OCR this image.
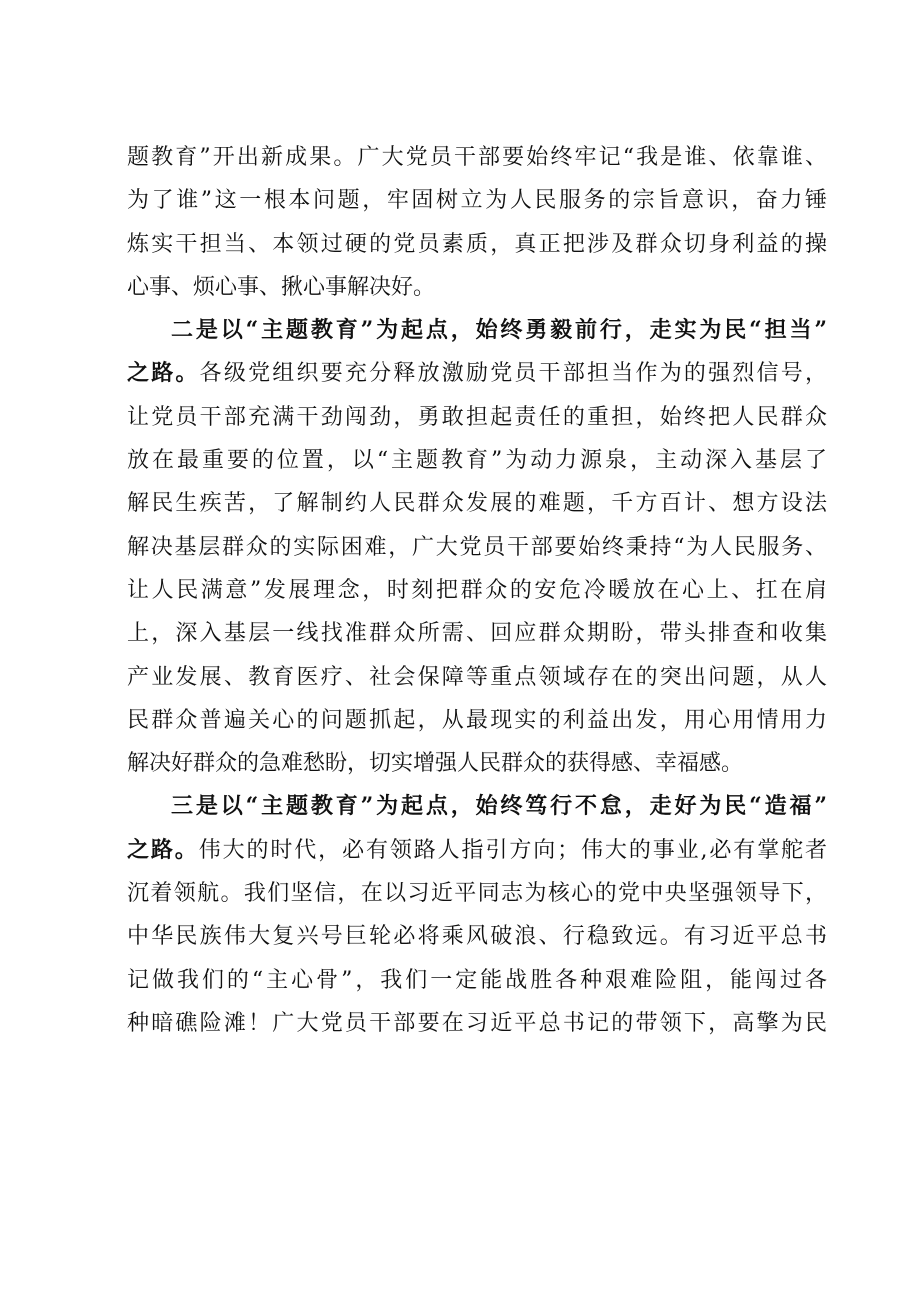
题教育”开出新成果。广大党员干部要始终牢记“我是谁、依靠谁、
为了谁”这一根本问题，牢固树立为人民服务的宗旨意识，奋力锤
炼实干担当、本领过硬的党员素质，真正把涉及群众切身利益的操
心事、烦心事、揪心事解决好。
二是以“主题教育”为起点，始终勇毅前行，走实为民“担当”
之路。各级党组织要充分释放激励党员干部担当作为的强烈信号，
让党员干部充满干劲闯劲，勇敢担起责任的重担，始终把人民群众
放在最重要的位置，以“主题教育”为动力源泉，主动深入基层了
解民生疾苦，了解制约人民群众发展的难题，千方百计、想方设法
解决基层群众的实际困难，广大党员干部要始终秉持“为人民服务、
让人民满意”发展理念，时刻把群众的安危冷暖放在心上、扛在肩
上，深入基层一线找准群众所需、回应群众期盼，带头排查和收集
产业发展、教育医疗、社会保障等重点领域存在的突出问题，从人
民群众普遍关心的问题抓起，从最现实的利益出发，用心用情用力
解决好群众的急难愁盼，切实增强人民群众的获得感、幸福感。
三是以“主题教育”为起点，始终笃行不怠，走好为民“造福”
之路。伟大的时代，必有领路人指引方向；伟大的事业,必有掌舵者
沉着领航。我们坚信，在以习近平同志为核心的党中央坚强领导下，
中华民族伟大复兴号巨轮必将乘风破浪、行稳致远。有习近平总书
记做我们的“主心骨”，我们一定能战胜各种艰难险阻，能闯过各
种暗礁险滩！广大党员干部要在习近平总书记的带领下，高擎为民
